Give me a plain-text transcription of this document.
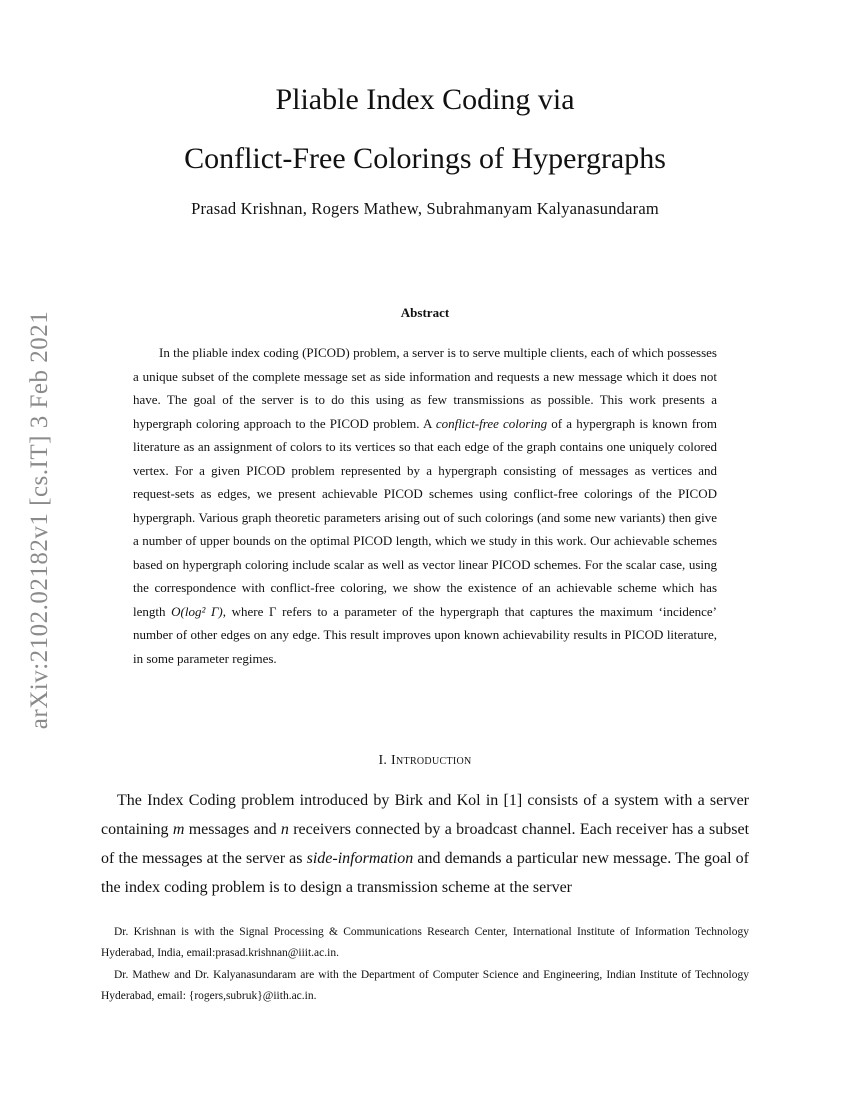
arXiv:2102.02182v1 [cs.IT] 3 Feb 2021
Pliable Index Coding via
Conflict-Free Colorings of Hypergraphs
Prasad Krishnan, Rogers Mathew, Subrahmanyam Kalyanasundaram
Abstract

In the pliable index coding (PICOD) problem, a server is to serve multiple clients, each of which possesses a unique subset of the complete message set as side information and requests a new message which it does not have. The goal of the server is to do this using as few transmissions as possible. This work presents a hypergraph coloring approach to the PICOD problem. A conflict-free coloring of a hypergraph is known from literature as an assignment of colors to its vertices so that each edge of the graph contains one uniquely colored vertex. For a given PICOD problem represented by a hypergraph consisting of messages as vertices and request-sets as edges, we present achievable PICOD schemes using conflict-free colorings of the PICOD hypergraph. Various graph theoretic parameters arising out of such colorings (and some new variants) then give a number of upper bounds on the optimal PICOD length, which we study in this work. Our achievable schemes based on hypergraph coloring include scalar as well as vector linear PICOD schemes. For the scalar case, using the correspondence with conflict-free coloring, we show the existence of an achievable scheme which has length O(log² Γ), where Γ refers to a parameter of the hypergraph that captures the maximum ‘incidence’ number of other edges on any edge. This result improves upon known achievability results in PICOD literature, in some parameter regimes.

I. Introduction

The Index Coding problem introduced by Birk and Kol in [1] consists of a system with a server containing m messages and n receivers connected by a broadcast channel. Each receiver has a subset of the messages at the server as side-information and demands a particular new message. The goal of the index coding problem is to design a transmission scheme at the server

Dr. Krishnan is with the Signal Processing & Communications Research Center, International Institute of Information Technology Hyderabad, India, email:prasad.krishnan@iiit.ac.in.

Dr. Mathew and Dr. Kalyanasundaram are with the Department of Computer Science and Engineering, Indian Institute of Technology Hyderabad, email: {rogers,subruk}@iith.ac.in.
